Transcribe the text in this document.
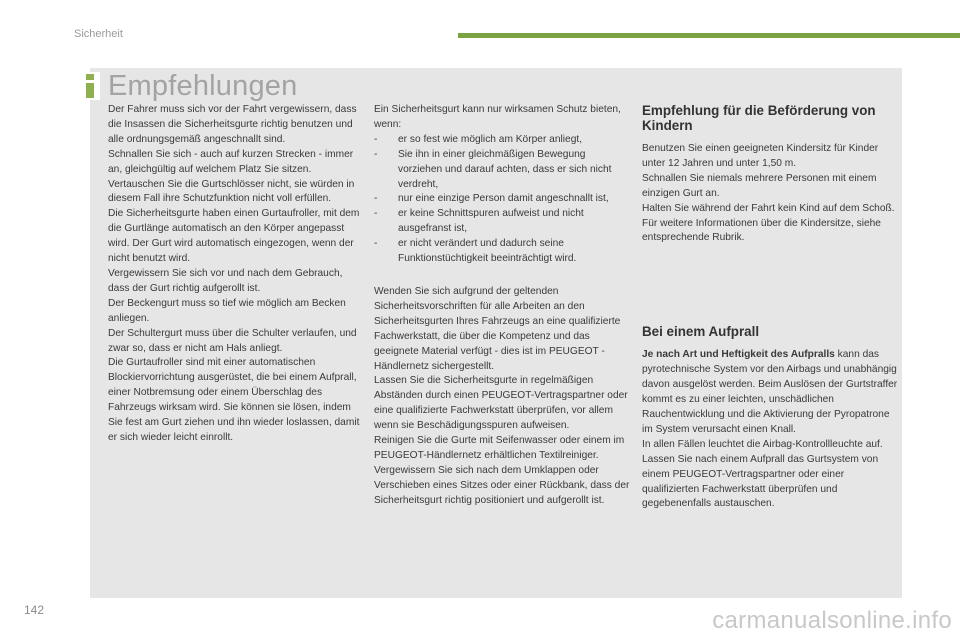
Sicherheit
Empfehlungen

Der Fahrer muss sich vor der Fahrt vergewissern, dass die Insassen die Sicherheitsgurte richtig benutzen und alle ordnungsgemäß angeschnallt sind.

Schnallen Sie sich - auch auf kurzen Strecken - immer an, gleichgültig auf welchem Platz Sie sitzen.

Vertauschen Sie die Gurtschlösser nicht, sie würden in diesem Fall ihre Schutzfunktion nicht voll erfüllen.

Die Sicherheitsgurte haben einen Gurtaufroller, mit dem die Gurtlänge automatisch an den Körper angepasst wird. Der Gurt wird automatisch eingezogen, wenn der nicht benutzt wird.

Vergewissern Sie sich vor und nach dem Gebrauch, dass der Gurt richtig aufgerollt ist.

Der Beckengurt muss so tief wie möglich am Becken anliegen.

Der Schultergurt muss über die Schulter verlaufen, und zwar so, dass er nicht am Hals anliegt.

Die Gurtaufroller sind mit einer automatischen Blockiervorrichtung ausgerüstet, die bei einem Aufprall, einer Notbremsung oder einem Überschlag des Fahrzeugs wirksam wird. Sie können sie lösen, indem Sie fest am Gurt ziehen und ihn wieder loslassen, damit er sich wieder leicht einrollt.

Ein Sicherheitsgurt kann nur wirksamen Schutz bieten, wenn:

- er so fest wie möglich am Körper anliegt,
- Sie ihn in einer gleichmäßigen Bewegung vorziehen und darauf achten, dass er sich nicht verdreht,
- nur eine einzige Person damit angeschnallt ist,
- er keine Schnittspuren aufweist und nicht ausgefranst ist,
- er nicht verändert und dadurch seine Funktionstüchtigkeit beeinträchtigt wird.

Wenden Sie sich aufgrund der geltenden Sicherheitsvorschriften für alle Arbeiten an den Sicherheitsgurten Ihres Fahrzeugs an eine qualifizierte Fachwerkstatt, die über die Kompetenz und das geeignete Material verfügt - dies ist im PEUGEOT -Händlernetz sichergestellt.

Lassen Sie die Sicherheitsgurte in regelmäßigen Abständen durch einen PEUGEOT-Vertragspartner oder eine qualifizierte Fachwerkstatt überprüfen, vor allem wenn sie Beschädigungsspuren aufweisen.

Reinigen Sie die Gurte mit Seifenwasser oder einem im PEUGEOT-Händlernetz erhältlichen Textilreiniger.

Vergewissern Sie sich nach dem Umklappen oder Verschieben eines Sitzes oder einer Rückbank, dass der Sicherheitsgurt richtig positioniert und aufgerollt ist.

Empfehlung für die Beförderung von Kindern

Benutzen Sie einen geeigneten Kindersitz für Kinder unter 12 Jahren und unter 1,50 m.

Schnallen Sie niemals mehrere Personen mit einem einzigen Gurt an.

Halten Sie während der Fahrt kein Kind auf dem Schoß.

Für weitere Informationen über die Kindersitze, siehe entsprechende Rubrik.

Bei einem Aufprall

Je nach Art und Heftigkeit des Aufpralls kann das pyrotechnische System vor den Airbags und unabhängig davon ausgelöst werden. Beim Auslösen der Gurtstraffer kommt es zu einer leichten, unschädlichen Rauchentwicklung und die Aktivierung der Pyropatrone im System verursacht einen Knall.

In allen Fällen leuchtet die Airbag-Kontrollleuchte auf.

Lassen Sie nach einem Aufprall das Gurtsystem von einem PEUGEOT-Vertragspartner oder einer qualifizierten Fachwerkstatt überprüfen und gegebenenfalls austauschen.

142	carmanualsonline.info
